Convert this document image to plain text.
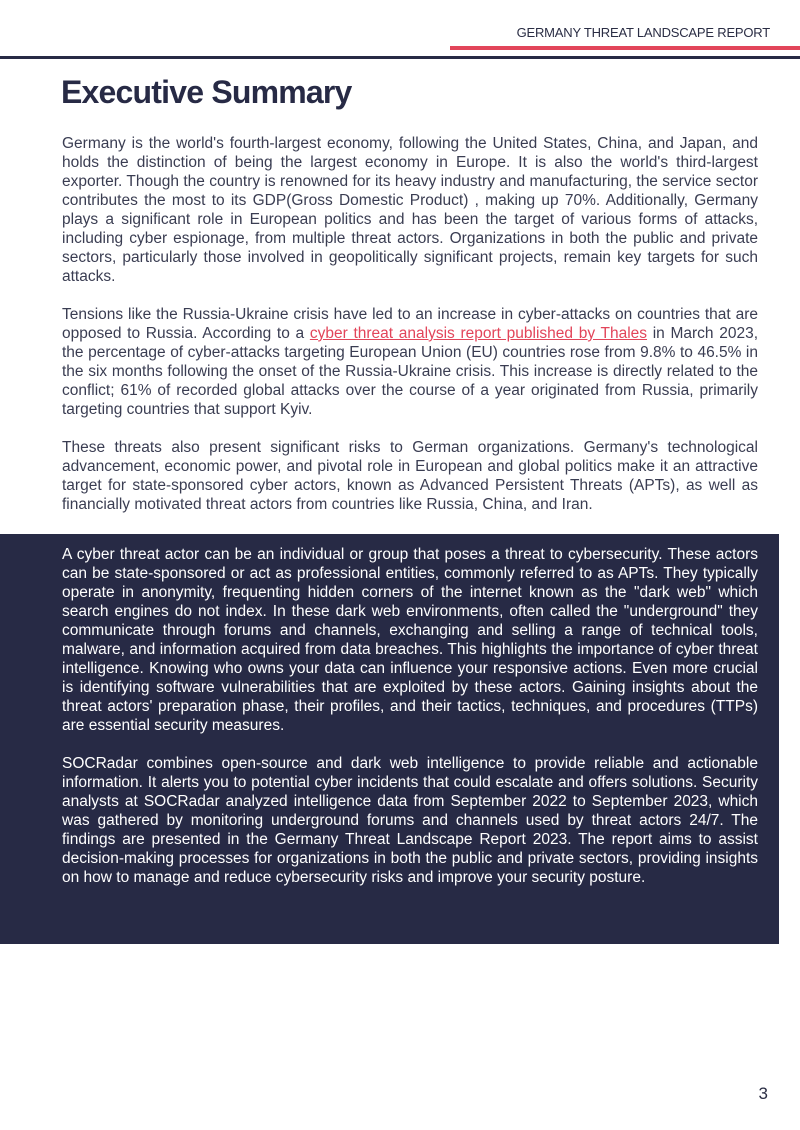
GERMANY THREAT LANDSCAPE REPORT
Executive Summary

Germany is the world's fourth-largest economy, following the United States, China, and Japan, and holds the distinction of being the largest economy in Europe. It is also the world's third-largest exporter. Though the country is renowned for its heavy industry and manufacturing, the service sector contributes the most to its GDP(Gross Domestic Product) , making up 70%. Additionally, Germany plays a significant role in European politics and has been the target of various forms of attacks, including cyber espionage, from multiple threat actors. Organizations in both the public and private sectors, particularly those involved in geopolitically significant projects, remain key targets for such attacks.

Tensions like the Russia-Ukraine crisis have led to an increase in cyber-attacks on countries that are opposed to Russia. According to a cyber threat analysis report published by Thales in March 2023, the percentage of cyber-attacks targeting European Union (EU) countries rose from 9.8% to 46.5% in the six months following the onset of the Russia-Ukraine crisis. This increase is directly related to the conflict; 61% of recorded global attacks over the course of a year originated from Russia, primarily targeting countries that support Kyiv.

These threats also present significant risks to German organizations. Germany's technological advancement, economic power, and pivotal role in European and global politics make it an attractive target for state-sponsored cyber actors, known as Advanced Persistent Threats (APTs), as well as financially motivated threat actors from countries like Russia, China, and Iran.

A cyber threat actor can be an individual or group that poses a threat to cybersecurity. These actors can be state-sponsored or act as professional entities, commonly referred to as APTs. They typically operate in anonymity, frequenting hidden corners of the internet known as the "dark web" which search engines do not index. In these dark web environments, often called the "underground" they communicate through forums and channels, exchanging and selling a range of technical tools, malware, and information acquired from data breaches. This highlights the importance of cyber threat intelligence. Knowing who owns your data can influence your responsive actions. Even more crucial is identifying software vulnerabilities that are exploited by these actors. Gaining insights about the threat actors' preparation phase, their profiles, and their tactics, techniques, and procedures (TTPs) are essential security measures.

SOCRadar combines open-source and dark web intelligence to provide reliable and actionable information. It alerts you to potential cyber incidents that could escalate and offers solutions. Security analysts at SOCRadar analyzed intelligence data from September 2022 to September 2023, which was gathered by monitoring underground forums and channels used by threat actors 24/7. The findings are presented in the Germany Threat Landscape Report 2023. The report aims to assist decision-making processes for organizations in both the public and private sectors, providing insights on how to manage and reduce cybersecurity risks and improve your security posture.

3
